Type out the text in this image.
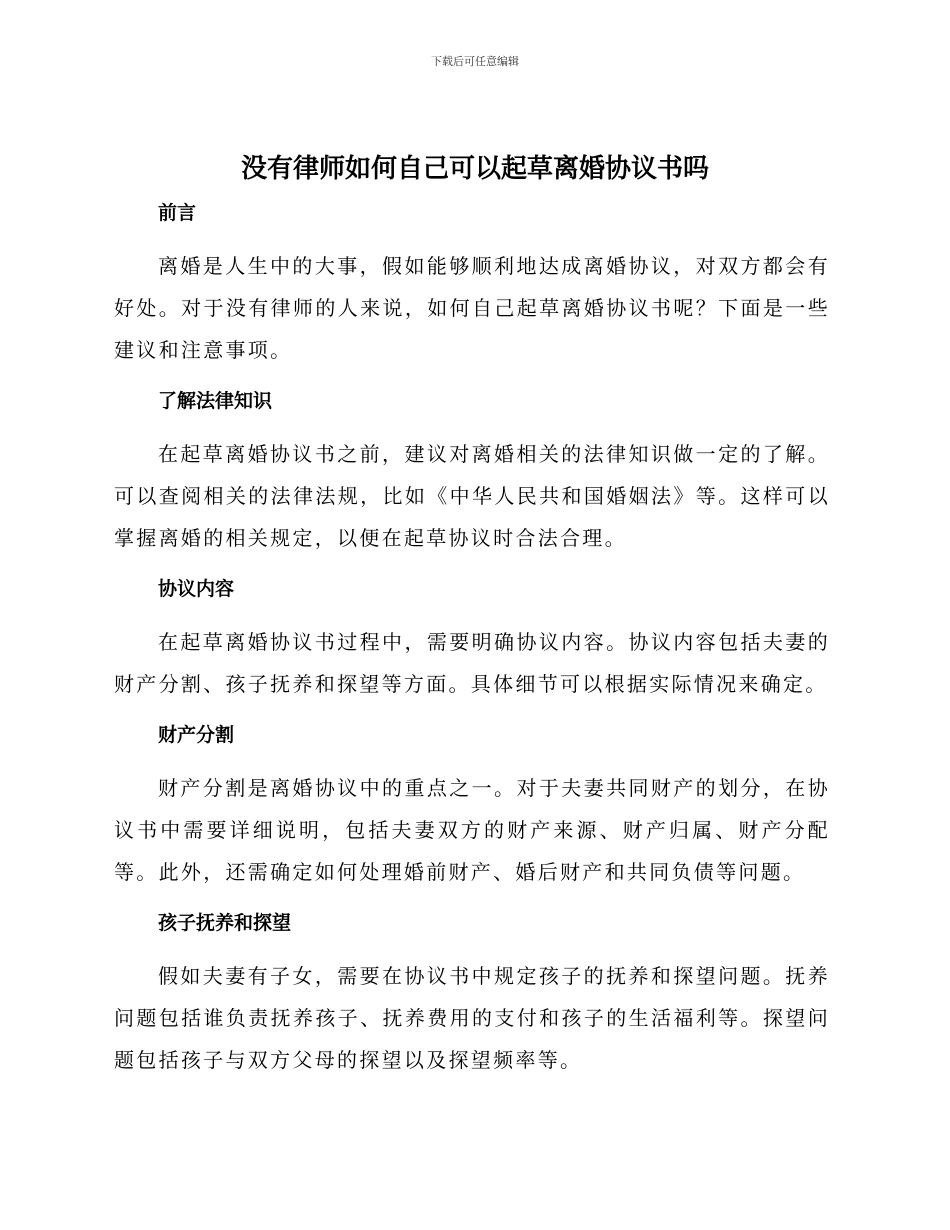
下载后可任意编辑
没有律师如何自己可以起草离婚协议书吗
前言

离婚是人生中的大事，假如能够顺利地达成离婚协议，对双方都会有好处。对于没有律师的人来说，如何自己起草离婚协议书呢？下面是一些建议和注意事项。

了解法律知识

在起草离婚协议书之前，建议对离婚相关的法律知识做一定的了解。可以查阅相关的法律法规，比如《中华人民共和国婚姻法》等。这样可以掌握离婚的相关规定，以便在起草协议时合法合理。

协议内容

在起草离婚协议书过程中，需要明确协议内容。协议内容包括夫妻的财产分割、孩子抚养和探望等方面。具体细节可以根据实际情况来确定。

财产分割

财产分割是离婚协议中的重点之一。对于夫妻共同财产的划分，在协议书中需要详细说明，包括夫妻双方的财产来源、财产归属、财产分配等。此外，还需确定如何处理婚前财产、婚后财产和共同负债等问题。

孩子抚养和探望

假如夫妻有子女，需要在协议书中规定孩子的抚养和探望问题。抚养问题包括谁负责抚养孩子、抚养费用的支付和孩子的生活福利等。探望问题包括孩子与双方父母的探望以及探望频率等。
